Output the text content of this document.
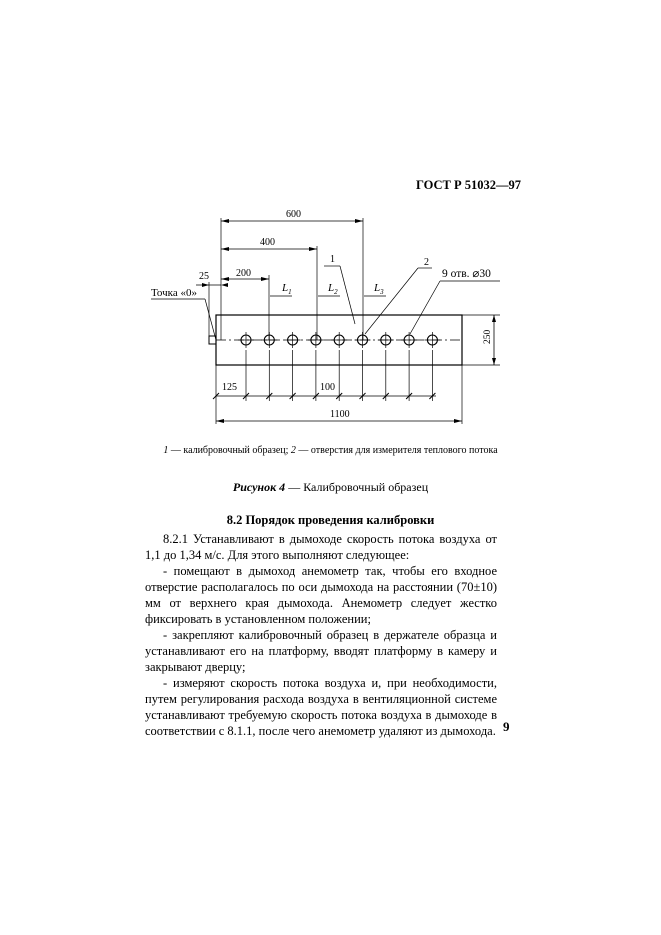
ГОСТ Р 51032—97
600
400
200
25
Точка «0»	$L_1$	$L_2$	$L_3$
1	2
9 отв. ⌀30
250
125	100
1100
1 — калибровочный образец; 2 — отверстия для измерителя теплового потока
Рисунок 4 — Калибровочный образец
8.2 Порядок проведения калибровки

8.2.1 Устанавливают в дымоходе скорость потока воздуха от 1,1 до 1,34 м/с. Для этого выполняют следующее:

- помещают в дымоход анемометр так, чтобы его входное отверстие располагалось по оси дымохода на расстоянии (70±10) мм от верхнего края дымохода. Анемометр следует жестко фиксировать в установленном положении;

- закрепляют калибровочный образец в держателе образца и устанавливают его на платформу, вводят платформу в камеру и закрывают дверцу;

- измеряют скорость потока воздуха и, при необходимости, путем регулирования расхода воздуха в вентиляционной системе устанавливают требуемую скорость потока воздуха в дымоходе в соответствии с 8.1.1, после чего анемометр удаляют из дымохода. 9
